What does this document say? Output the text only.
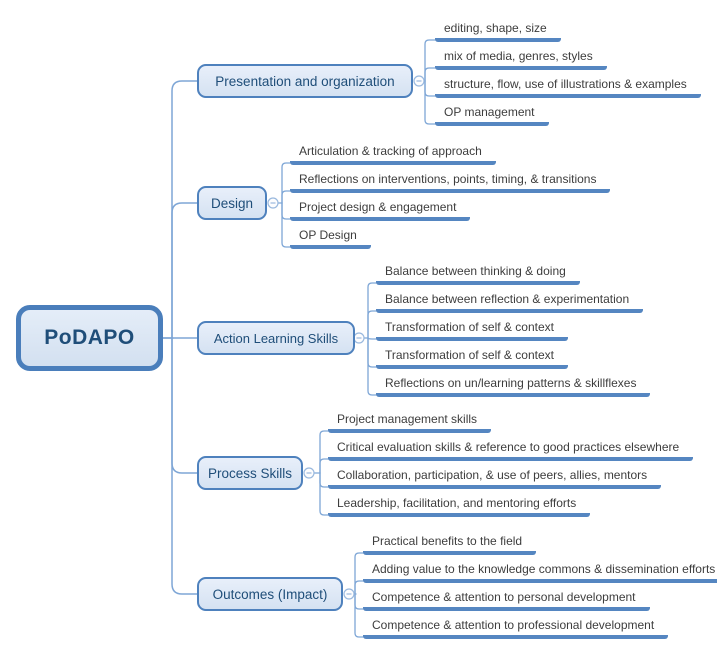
PoDAPO
Presentation and organization
Design
Action Learning Skills
Process Skills
Outcomes (Impact)
editing, shape, size
mix of media, genres, styles
structure, flow, use of illustrations & examples
OP management
Articulation & tracking of approach
Reflections on interventions, points, timing, & transitions
Project design & engagement
OP Design
Balance between thinking & doing
Balance between reflection & experimentation
Transformation of self & context
Transformation of self & context
Reflections on un/learning patterns & skillflexes
Project management skills
Critical evaluation skills & reference to good practices elsewhere
Collaboration, participation, & use of peers, allies, mentors
Leadership, facilitation, and mentoring efforts
Practical benefits to the field
Adding value to the knowledge commons & dissemination efforts
Competence & attention to personal development
Competence & attention to professional development
